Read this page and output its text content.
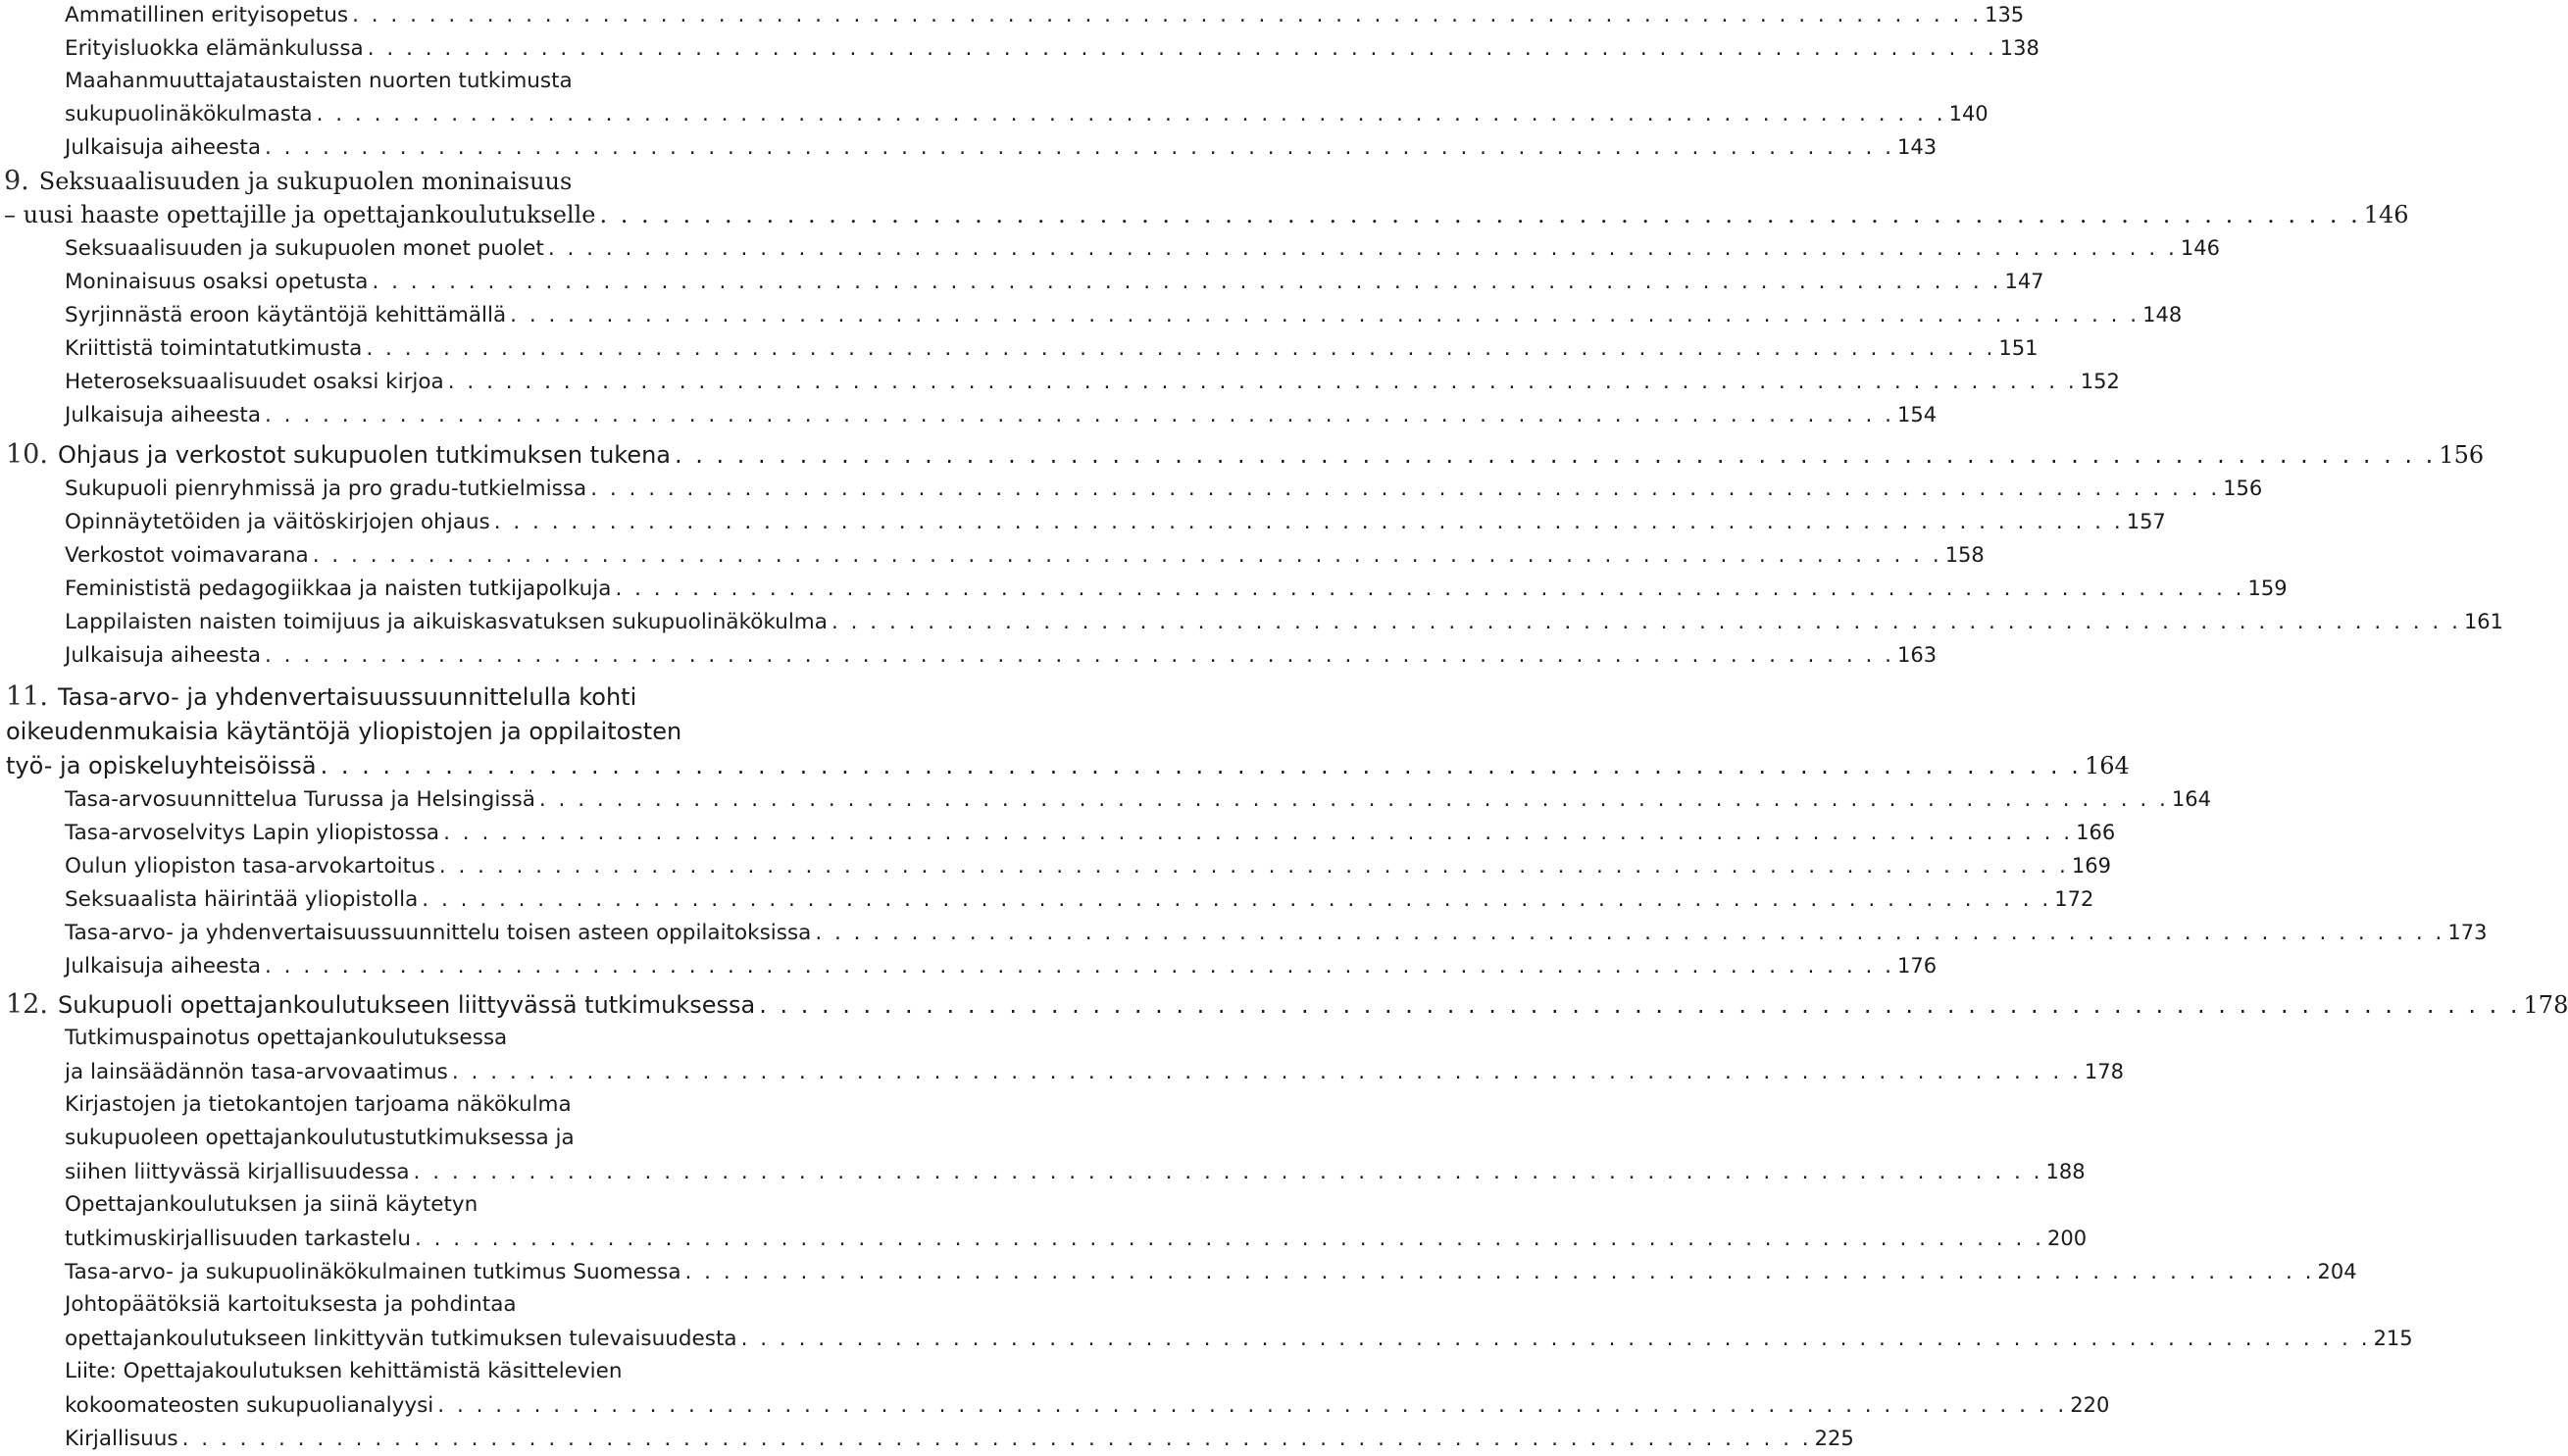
Ammatillinen erityisopetus . . . . . . . . . . . . . . . . . . . . . . . . . . . . . . . . . . . . . . . . . . . . . . . . . . . . . . . . . . . . . . . . . . . . . . . . . . . . . . . . . . . . . 135
Erityisluokka elämänkulussa . . . . . . . . . . . . . . . . . . . . . . . . . . . . . . . . . . . . . . . . . . . . . . . . . . . . . . . . . . . . . . . . . . . . . . . . . . . . . . . . . . . . . 138
Maahanmuuttajataustaisten nuorten tutkimusta
sukupuolinäkökulmasta . . . . . . . . . . . . . . . . . . . . . . . . . . . . . . . . . . . . . . . . . . . . . . . . . . . . . . . . . . . . . . . . . . . . . . . . . . . . . . . . . . . . . 140
Julkaisuja aiheesta . . . . . . . . . . . . . . . . . . . . . . . . . . . . . . . . . . . . . . . . . . . . . . . . . . . . . . . . . . . . . . . . . . . . . . . . . . . . . . . . . . . . . 143
9. Seksuaalisuuden ja sukupuolen moninaisuus
– uusi haaste opettajille ja opettajankoulutukselle . . . . . . . . . . . . . . . . . . . . . . . . . . . . . . . . . . . . . . . . . . . . . . . . . . . . . . . . . . . . . . . . . . . . . . . . . . . . . . . . . . . . . 146
Seksuaalisuuden ja sukupuolen monet puolet . . . . . . . . . . . . . . . . . . . . . . . . . . . . . . . . . . . . . . . . . . . . . . . . . . . . . . . . . . . . . . . . . . . . . . . . . . . . . . . . . . . . . 146
Moninaisuus osaksi opetusta . . . . . . . . . . . . . . . . . . . . . . . . . . . . . . . . . . . . . . . . . . . . . . . . . . . . . . . . . . . . . . . . . . . . . . . . . . . . . . . . . . . . . 147
Syrjinnästä eroon käytäntöjä kehittämällä . . . . . . . . . . . . . . . . . . . . . . . . . . . . . . . . . . . . . . . . . . . . . . . . . . . . . . . . . . . . . . . . . . . . . . . . . . . . . . . . . . . . . 148
Kriittistä toimintatutkimusta . . . . . . . . . . . . . . . . . . . . . . . . . . . . . . . . . . . . . . . . . . . . . . . . . . . . . . . . . . . . . . . . . . . . . . . . . . . . . . . . . . . . . 151
Heteroseksuaalisuudet osaksi kirjoa . . . . . . . . . . . . . . . . . . . . . . . . . . . . . . . . . . . . . . . . . . . . . . . . . . . . . . . . . . . . . . . . . . . . . . . . . . . . . . . . . . . . . 152
Julkaisuja aiheesta . . . . . . . . . . . . . . . . . . . . . . . . . . . . . . . . . . . . . . . . . . . . . . . . . . . . . . . . . . . . . . . . . . . . . . . . . . . . . . . . . . . . . 154
10. Ohjaus ja verkostot sukupuolen tutkimuksen tukena . . . . . . . . . . . . . . . . . . . . . . . . . . . . . . . . . . . . . . . . . . . . . . . . . . . . . . . . . . . . . . . . . . . . . . . . . . . . . . . . . . . . . 156
Sukupuoli pienryhmissä ja pro gradu-tutkielmissa . . . . . . . . . . . . . . . . . . . . . . . . . . . . . . . . . . . . . . . . . . . . . . . . . . . . . . . . . . . . . . . . . . . . . . . . . . . . . . . . . . . . . 156
Opinnäytetöiden ja väitöskirjojen ohjaus . . . . . . . . . . . . . . . . . . . . . . . . . . . . . . . . . . . . . . . . . . . . . . . . . . . . . . . . . . . . . . . . . . . . . . . . . . . . . . . . . . . . . 157
Verkostot voimavarana . . . . . . . . . . . . . . . . . . . . . . . . . . . . . . . . . . . . . . . . . . . . . . . . . . . . . . . . . . . . . . . . . . . . . . . . . . . . . . . . . . . . . 158
Feminististä pedagogiikkaa ja naisten tutkijapolkuja . . . . . . . . . . . . . . . . . . . . . . . . . . . . . . . . . . . . . . . . . . . . . . . . . . . . . . . . . . . . . . . . . . . . . . . . . . . . . . . . . . . . . 159
Lappilaisten naisten toimijuus ja aikuiskasvatuksen sukupuolinäkökulma . . . . . . . . . . . . . . . . . . . . . . . . . . . . . . . . . . . . . . . . . . . . . . . . . . . . . . . . . . . . . . . . . . . . . . . . . . . . . . . . . . . . . 161
Julkaisuja aiheesta . . . . . . . . . . . . . . . . . . . . . . . . . . . . . . . . . . . . . . . . . . . . . . . . . . . . . . . . . . . . . . . . . . . . . . . . . . . . . . . . . . . . . 163
11. Tasa-arvo- ja yhdenvertaisuussuunnittelulla kohti
oikeudenmukaisia käytäntöjä yliopistojen ja oppilaitosten
työ- ja opiskeluyhteisöissä . . . . . . . . . . . . . . . . . . . . . . . . . . . . . . . . . . . . . . . . . . . . . . . . . . . . . . . . . . . . . . . . . . . . . . . . . . . . . . . . . . . . . 164
Tasa-arvosuunnittelua Turussa ja Helsingissä . . . . . . . . . . . . . . . . . . . . . . . . . . . . . . . . . . . . . . . . . . . . . . . . . . . . . . . . . . . . . . . . . . . . . . . . . . . . . . . . . . . . . 164
Tasa-arvoselvitys Lapin yliopistossa . . . . . . . . . . . . . . . . . . . . . . . . . . . . . . . . . . . . . . . . . . . . . . . . . . . . . . . . . . . . . . . . . . . . . . . . . . . . . . . . . . . . . 166
Oulun yliopiston tasa-arvokartoitus . . . . . . . . . . . . . . . . . . . . . . . . . . . . . . . . . . . . . . . . . . . . . . . . . . . . . . . . . . . . . . . . . . . . . . . . . . . . . . . . . . . . . 169
Seksuaalista häirintää yliopistolla . . . . . . . . . . . . . . . . . . . . . . . . . . . . . . . . . . . . . . . . . . . . . . . . . . . . . . . . . . . . . . . . . . . . . . . . . . . . . . . . . . . . . 172
Tasa-arvo- ja yhdenvertaisuussuunnittelu toisen asteen oppilaitoksissa . . . . . . . . . . . . . . . . . . . . . . . . . . . . . . . . . . . . . . . . . . . . . . . . . . . . . . . . . . . . . . . . . . . . . . . . . . . . . . . . . . . . . 173
Julkaisuja aiheesta . . . . . . . . . . . . . . . . . . . . . . . . . . . . . . . . . . . . . . . . . . . . . . . . . . . . . . . . . . . . . . . . . . . . . . . . . . . . . . . . . . . . . 176
12. Sukupuoli opettajankoulutukseen liittyvässä tutkimuksessa . . . . . . . . . . . . . . . . . . . . . . . . . . . . . . . . . . . . . . . . . . . . . . . . . . . . . . . . . . . . . . . . . . . . . . . . . . . . . . . . . . . . . 178
Tutkimuspainotus opettajankoulutuksessa
ja lainsäädännön tasa-arvovaatimus . . . . . . . . . . . . . . . . . . . . . . . . . . . . . . . . . . . . . . . . . . . . . . . . . . . . . . . . . . . . . . . . . . . . . . . . . . . . . . . . . . . . . 178
Kirjastojen ja tietokantojen tarjoama näkökulma
sukupuoleen opettajankoulutustutkimuksessa ja
siihen liittyvässä kirjallisuudessa . . . . . . . . . . . . . . . . . . . . . . . . . . . . . . . . . . . . . . . . . . . . . . . . . . . . . . . . . . . . . . . . . . . . . . . . . . . . . . . . . . . . . 188
Opettajankoulutuksen ja siinä käytetyn
tutkimuskirjallisuuden tarkastelu . . . . . . . . . . . . . . . . . . . . . . . . . . . . . . . . . . . . . . . . . . . . . . . . . . . . . . . . . . . . . . . . . . . . . . . . . . . . . . . . . . . . . 200
Tasa-arvo- ja sukupuolinäkökulmainen tutkimus Suomessa . . . . . . . . . . . . . . . . . . . . . . . . . . . . . . . . . . . . . . . . . . . . . . . . . . . . . . . . . . . . . . . . . . . . . . . . . . . . . . . . . . . . . 204
Johtopäätöksiä kartoituksesta ja pohdintaa
opettajankoulutukseen linkittyvän tutkimuksen tulevaisuudesta . . . . . . . . . . . . . . . . . . . . . . . . . . . . . . . . . . . . . . . . . . . . . . . . . . . . . . . . . . . . . . . . . . . . . . . . . . . . . . . . . . . . . 215
Liite: Opettajakoulutuksen kehittämistä käsittelevien
kokoomateosten sukupuolianalyysi . . . . . . . . . . . . . . . . . . . . . . . . . . . . . . . . . . . . . . . . . . . . . . . . . . . . . . . . . . . . . . . . . . . . . . . . . . . . . . . . . . . . . 220
Kirjallisuus . . . . . . . . . . . . . . . . . . . . . . . . . . . . . . . . . . . . . . . . . . . . . . . . . . . . . . . . . . . . . . . . . . . . . . . . . . . . . . . . . . . . . 225
